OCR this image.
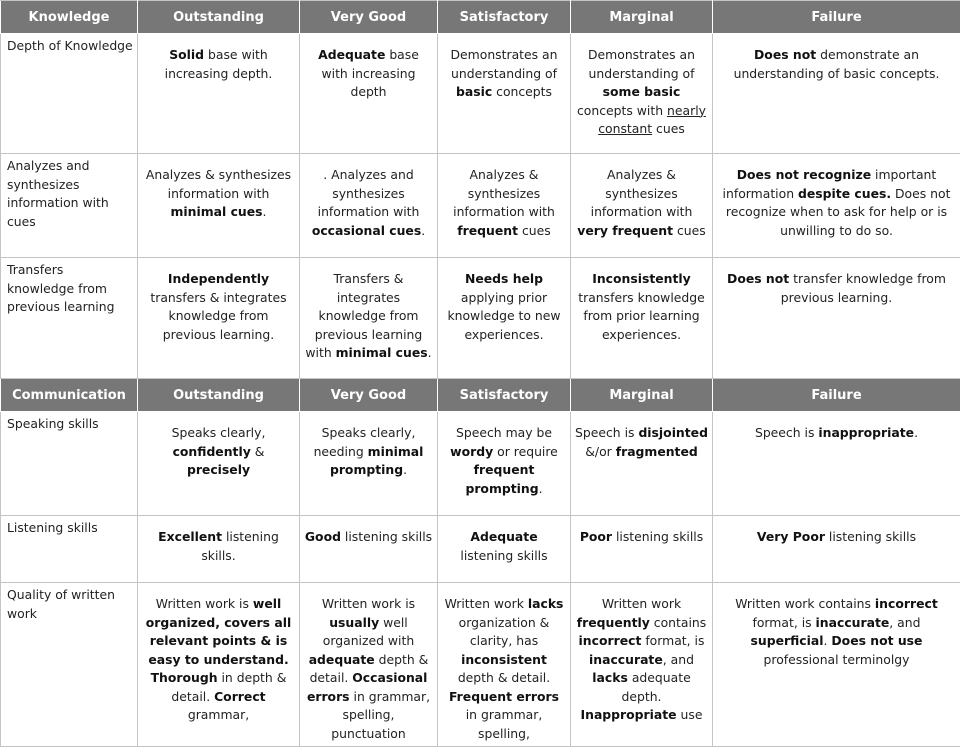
Knowledge	Outstanding	Very Good	Satisfactory	Marginal	Failure
Depth of Knowledge	Solid base with increasing depth.	Adequate base with increasing depth	Demonstrates an understanding of basic concepts	Demonstrates an understanding of some basic concepts with nearly constant cues	Does not demonstrate an understanding of basic concepts.
Analyzes and synthesizes information with cues	Analyzes & synthesizes information with minimal cues.	. Analyzes and synthesizes information with occasional cues.	Analyzes & synthesizes information with frequent cues	Analyzes & synthesizes information with very frequent cues	Does not recognize important information despite cues. Does not recognize when to ask for help or is unwilling to do so.
Transfers knowledge from previous learning	Independently transfers & integrates knowledge from previous learning.	Transfers & integrates knowledge from previous learning with minimal cues.	Needs help applying prior knowledge to new experiences.	Inconsistently transfers knowledge from prior learning experiences.	Does not transfer knowledge from previous learning.
Communication	Outstanding	Very Good	Satisfactory	Marginal	Failure
Speaking skills	Speaks clearly, confidently & precisely	Speaks clearly, needing minimal prompting.	Speech may be wordy or require frequent prompting.	Speech is disjointed &/or fragmented	Speech is inappropriate.
Listening skills	Excellent listening skills.	Good listening skills	Adequate listening skills	Poor listening skills	Very Poor listening skills
Quality of written work	Written work is well organized, covers all relevant points & is easy to understand. Thorough in depth & detail. Correct grammar,	Written work is usually well organized with adequate depth & detail. Occasional errors in grammar, spelling, punctuation	Written work lacks organization & clarity, has inconsistent depth & detail. Frequent errors in grammar, spelling,	Written work frequently contains incorrect format, is inaccurate, and lacks adequate depth. Inappropriate use	Written work contains incorrect format, is inaccurate, and superficial. Does not use professional terminolgy
